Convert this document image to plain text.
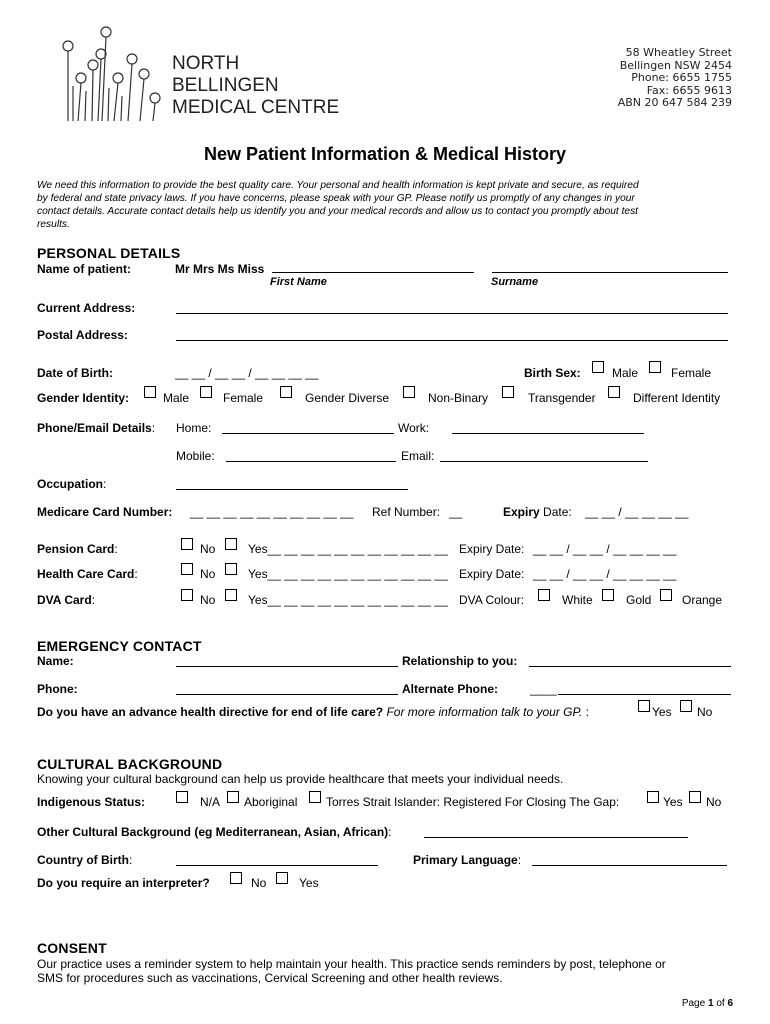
NORTH
BELLINGEN
MEDICAL CENTRE
58 Wheatley Street
Bellingen NSW 2454
Phone: 6655 1755
Fax: 6655 9613
ABN 20 647 584 239
New Patient Information & Medical History
We need this information to provide the best quality care. Your personal and health information is kept private and secure, as required
by federal and state privacy laws. If you have concerns, please speak with your GP. Please notify us promptly of any changes in your
contact details. Accurate contact details help us identify you and your medical records and allow us to contact you promptly about test
results.
PERSONAL DETAILS
Name of patient:	Mr Mrs Ms Miss
First Name	Surname
Current Address:
Postal Address:
Date of Birth:	__ __ / __ __ / __ __ __ __	Birth Sex:	Male	Female
Gender Identity:	Male	Female	Gender Diverse	Non-Binary	Transgender	Different Identity
Phone/Email Details: Home:	Work:
Mobile:	Email:
Occupation:
Medicare Card Number: __ __ __ __ __ __ __ __ __ __ Ref Number: __	Expiry Date: __ __ / __ __ __ __
Pension Card:	No	Yes__ __ __ __ __ __ __ __ __ __ __ Expiry Date: __ __ / __ __ / __ __ __ __
Health Care Card:	No	Yes__ __ __ __ __ __ __ __ __ __ __ Expiry Date: __ __ / __ __ / __ __ __ __
DVA Card:	No	Yes__ __ __ __ __ __ __ __ __ __ __ DVA Colour:	White	Gold	Orange
EMERGENCY CONTACT
Name:	Relationship to you:
Phone:	Alternate Phone:	____
Do you have an advance health directive for end of life care? For more information talk to your GP. :	Yes No
CULTURAL BACKGROUND
Knowing your cultural background can help us provide healthcare that meets your individual needs.
Indigenous Status:	N/A Aboriginal Torres Strait Islander: Registered For Closing The Gap:	Yes No
Other Cultural Background (eg Mediterranean, Asian, African):
Country of Birth:	Primary Language:
Do you require an interpreter?	No	Yes
CONSENT
Our practice uses a reminder system to help maintain your health. This practice sends reminders by post, telephone or
SMS for procedures such as vaccinations, Cervical Screening and other health reviews.
Page 1 of 6
